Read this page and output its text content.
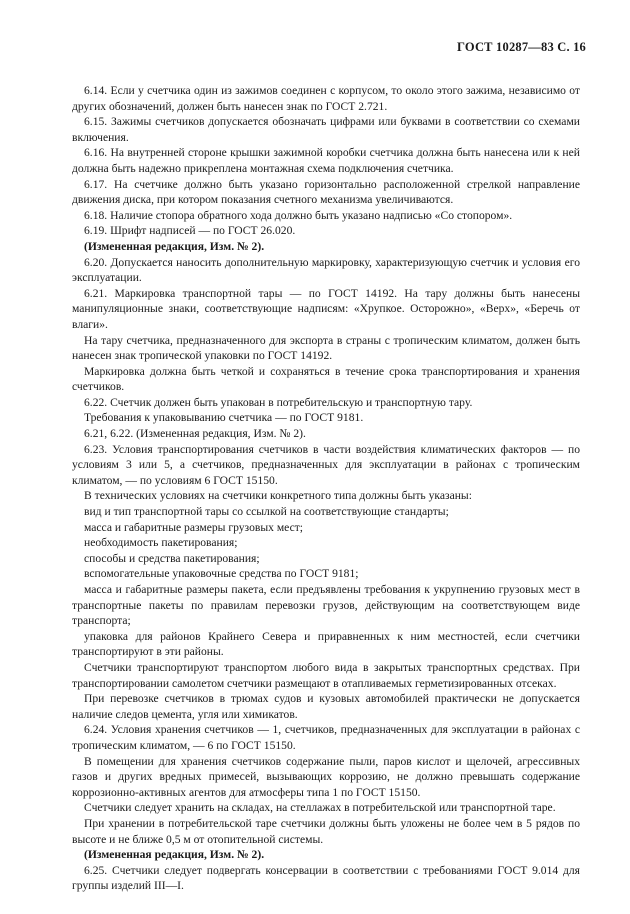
ГОСТ 10287—83 С. 16

6.14. Если у счетчика один из зажимов соединен с корпусом, то около этого зажима, независимо от других обозначений, должен быть нанесен знак по ГОСТ 2.721.

6.15. Зажимы счетчиков допускается обозначать цифрами или буквами в соответствии со схемами включения.

6.16. На внутренней стороне крышки зажимной коробки счетчика должна быть нанесена или к ней должна быть надежно прикреплена монтажная схема подключения счетчика.

6.17. На счетчике должно быть указано горизонтально расположенной стрелкой направление движения диска, при котором показания счетного механизма увеличиваются.

6.18. Наличие стопора обратного хода должно быть указано надписью «Со стопором».

6.19. Шрифт надписей — по ГОСТ 26.020.

(Измененная редакция, Изм. № 2).

6.20. Допускается наносить дополнительную маркировку, характеризующую счетчик и условия его эксплуатации.

6.21. Маркировка транспортной тары — по ГОСТ 14192. На тару должны быть нанесены манипуляционные знаки, соответствующие надписям: «Хрупкое. Осторожно», «Верх», «Беречь от влаги».

На тару счетчика, предназначенного для экспорта в страны с тропическим климатом, должен быть нанесен знак тропической упаковки по ГОСТ 14192.

Маркировка должна быть четкой и сохраняться в течение срока транспортирования и хранения счетчиков.

6.22. Счетчик должен быть упакован в потребительскую и транспортную тару.

Требования к упаковыванию счетчика — по ГОСТ 9181.

6.21, 6.22. (Измененная редакция, Изм. № 2).

6.23. Условия транспортирования счетчиков в части воздействия климатических факторов — по условиям 3 или 5, а счетчиков, предназначенных для эксплуатации в районах с тропическим климатом, — по условиям 6 ГОСТ 15150.

В технических условиях на счетчики конкретного типа должны быть указаны:

вид и тип транспортной тары со ссылкой на соответствующие стандарты;

масса и габаритные размеры грузовых мест;

необходимость пакетирования;

способы и средства пакетирования;

вспомогательные упаковочные средства по ГОСТ 9181;

масса и габаритные размеры пакета, если предъявлены требования к укрупнению грузовых мест в транспортные пакеты по правилам перевозки грузов, действующим на соответствующем виде транспорта;

упаковка для районов Крайнего Севера и приравненных к ним местностей, если счетчики транспортируют в эти районы.

Счетчики транспортируют транспортом любого вида в закрытых транспортных средствах. При транспортировании самолетом счетчики размещают в отапливаемых герметизированных отсеках.

При перевозке счетчиков в трюмах судов и кузовых автомобилей практически не допускается наличие следов цемента, угля или химикатов.

6.24. Условия хранения счетчиков — 1, счетчиков, предназначенных для эксплуатации в районах с тропическим климатом, — 6 по ГОСТ 15150.

В помещении для хранения счетчиков содержание пыли, паров кислот и щелочей, агрессивных газов и других вредных примесей, вызывающих коррозию, не должно превышать содержание коррозионно-активных агентов для атмосферы типа 1 по ГОСТ 15150.

Счетчики следует хранить на складах, на стеллажах в потребительской или транспортной таре.

При хранении в потребительской таре счетчики должны быть уложены не более чем в 5 рядов по высоте и не ближе 0,5 м от отопительной системы.

(Измененная редакция, Изм. № 2).

6.25. Счетчики следует подвергать консервации в соответствии с требованиями ГОСТ 9.014 для группы изделий III—I.
